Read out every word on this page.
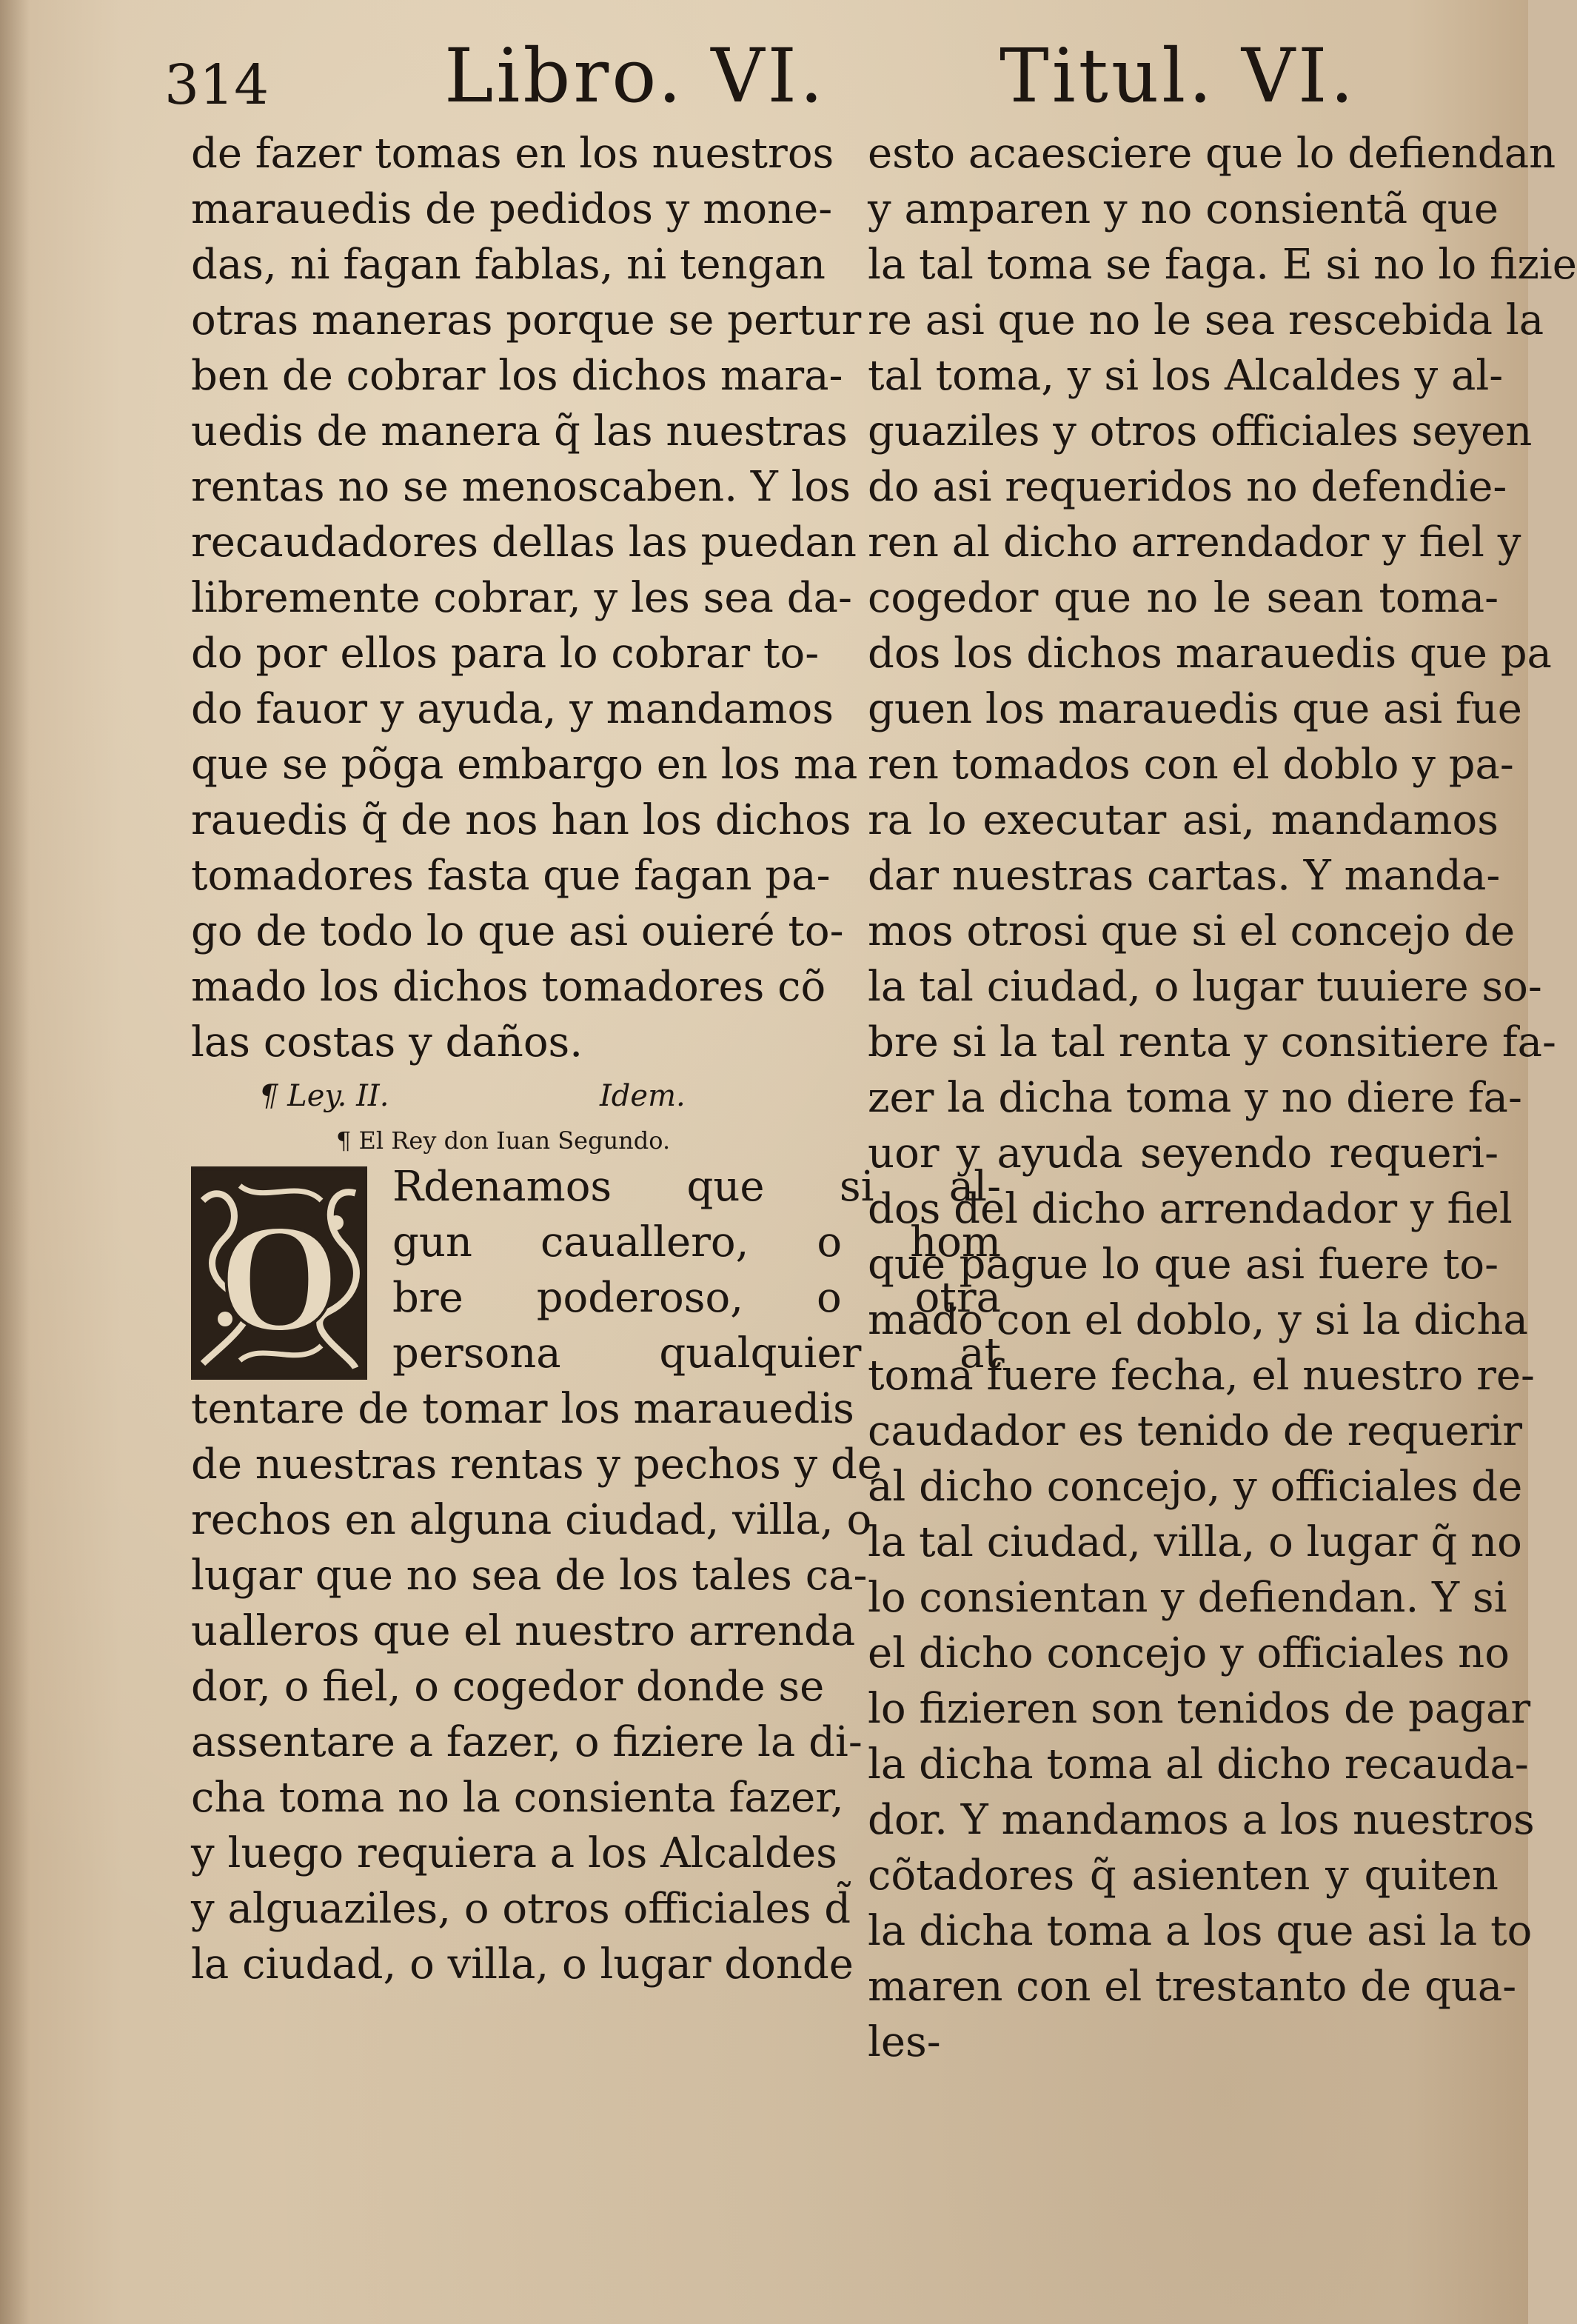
314 Libro. VI. Titul. VI.
de fazer tomas en los nuestros
marauedis de pedidos y mone-
das, ni fagan fablas, ni tengan
otras maneras porque se pertur
ben de cobrar los dichos mara-
uedis de manera q̃ las nuestras
rentas no se menoscaben. Y los
recaudadores dellas las puedan
libremente cobrar, y les sea da-
do por ellos para lo cobrar to-
do fauor y ayuda, y mandamos
que se põga embargo en los ma
rauedis q̃ de nos han los dichos
tomadores fasta que fagan pa-
go de todo lo que asi ouieré to-
mado los dichos tomadores cõ
las costas y daños.
¶ Ley. II.	Idem.
¶ El Rey don Iuan Segundo.
O
Rdenamos que si al-
gun cauallero, o hom
bre poderoso, o otra
persona qualquier at
tentare de tomar los marauedis
de nuestras rentas y pechos y de
rechos en alguna ciudad, villa, o
lugar que no sea de los tales ca-
ualleros que el nuestro arrenda
dor, o fiel, o cogedor donde se
assentare a fazer, o fiziere la di-
cha toma no la consienta fazer,
y luego requiera a los Alcaldes
y alguaziles, o otros officiales d̃
la ciudad, o villa, o lugar donde
esto acaesciere que lo defiendan
y amparen y no consientã que
la tal toma se faga. E si no lo fizie
re asi que no le sea rescebida la
tal toma, y si los Alcaldes y al-
guaziles y otros officiales seyen
do asi requeridos no defendie-
ren al dicho arrendador y fiel y
cogedor que no le sean toma-
dos los dichos marauedis que pa
guen los marauedis que asi fue
ren tomados con el doblo y pa-
ra lo executar asi, mandamos
dar nuestras cartas. Y manda-
mos otrosi que si el concejo de
la tal ciudad, o lugar tuuiere so-
bre si la tal renta y consitiere fa-
zer la dicha toma y no diere fa-
uor y ayuda seyendo requeri-
dos del dicho arrendador y fiel
que pague lo que asi fuere to-
mado con el doblo, y si la dicha
toma fuere fecha, el nuestro re-
caudador es tenido de requerir
al dicho concejo, y officiales de
la tal ciudad, villa, o lugar q̃ no
lo consientan y defiendan. Y si
el dicho concejo y officiales no
lo fizieren son tenidos de pagar
la dicha toma al dicho recauda-
dor. Y mandamos a los nuestros
cõtadores q̃ asienten y quiten
la dicha toma a los que asi la to
maren con el trestanto de qua-
les-
